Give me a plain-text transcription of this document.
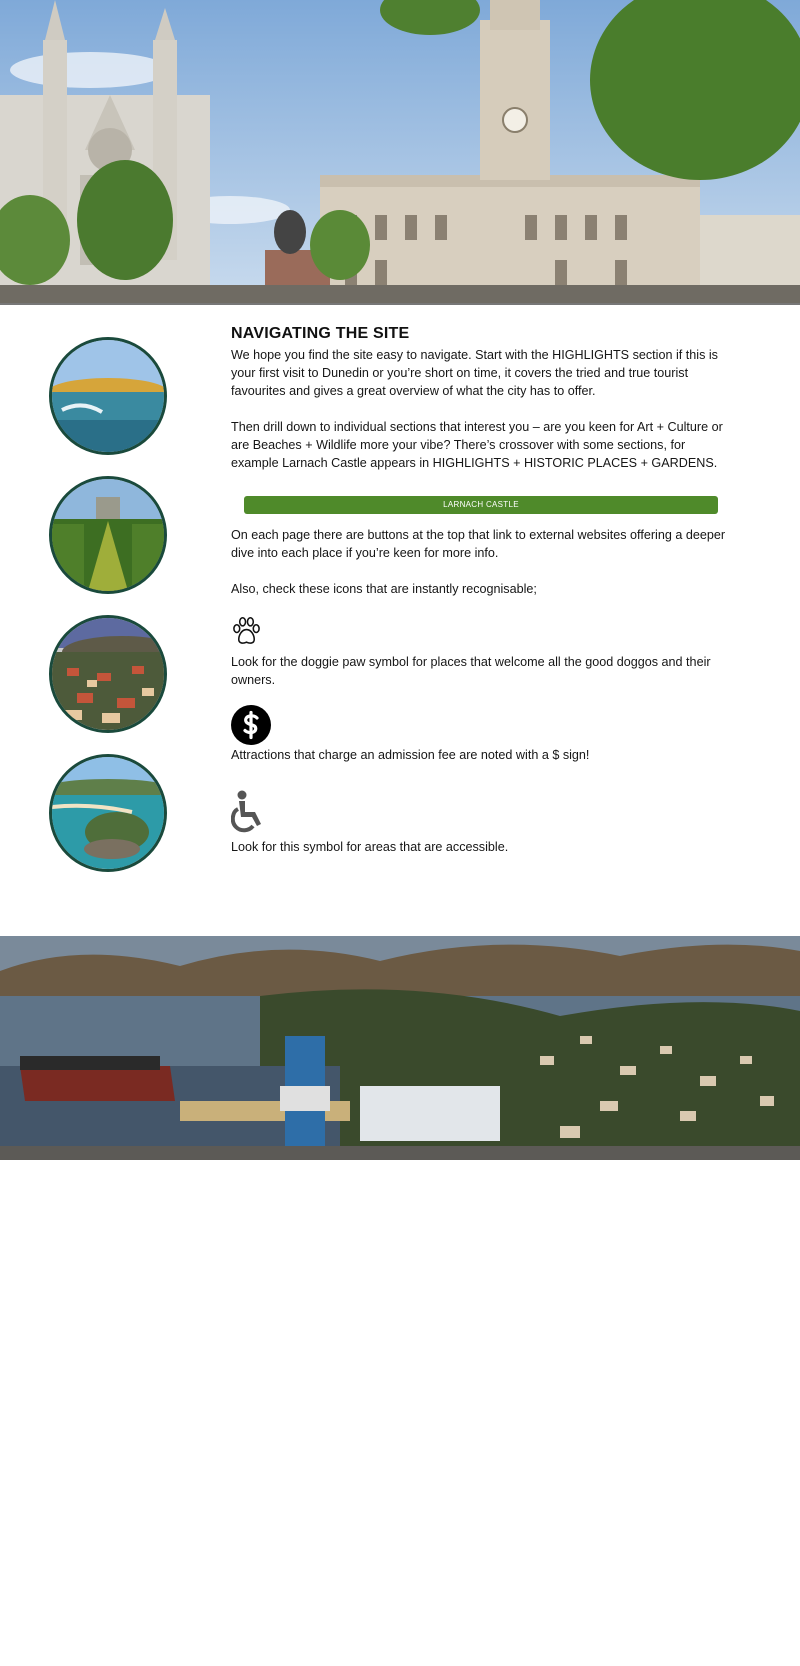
NAVIGATING THE SITE

We hope you find the site easy to navigate. Start with the HIGHLIGHTS section if this is your first visit to Dunedin or you’re short on time, it covers the tried and true tourist favourites and gives a great overview of what the city has to offer.

Then drill down to individual sections that interest you – are you keen for Art + Culture or are Beaches + Wildlife more your vibe? There’s crossover with some sections, for example Larnach Castle appears in HIGHLIGHTS + HISTORIC PLACES + GARDENS.

LARNACH CASTLE

On each page there are buttons at the top that link to external websites offering a deeper dive into each place if you’re keen for more info.

Also, check these icons that are instantly recognisable;

Look for the doggie paw symbol for places that welcome all the good doggos and their owners.

Attractions that charge an admission fee are noted with a $ sign!

Look for this symbol for areas that are accessible.
